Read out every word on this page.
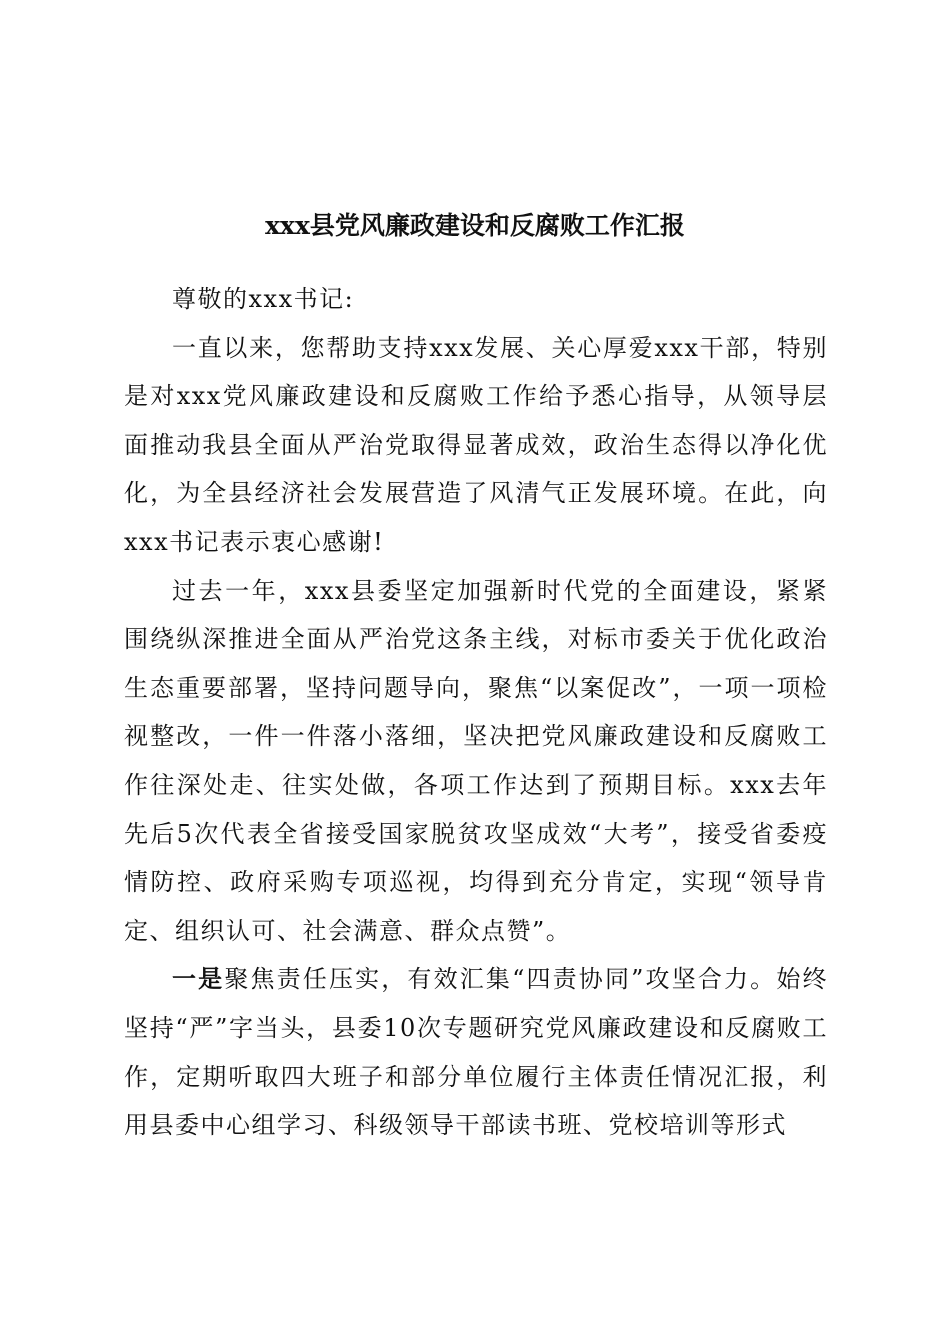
xxx县党风廉政建设和反腐败工作汇报

尊敬的xxx书记:

一直以来，您帮助支持xxx发展、关心厚爱xxx干部，特别是对xxx党风廉政建设和反腐败工作给予悉心指导，从领导层面推动我县全面从严治党取得显著成效，政治生态得以净化优化，为全县经济社会发展营造了风清气正发展环境。在此，向xxx书记表示衷心感谢!

过去一年，xxx县委坚定加强新时代党的全面建设，紧紧围绕纵深推进全面从严治党这条主线，对标市委关于优化政治生态重要部署，坚持问题导向，聚焦“以案促改”，一项一项检视整改，一件一件落小落细，坚决把党风廉政建设和反腐败工作往深处走、往实处做，各项工作达到了预期目标。xxx去年先后5次代表全省接受国家脱贫攻坚成效“大考”，接受省委疫情防控、政府采购专项巡视，均得到充分肯定，实现“领导肯定、组织认可、社会满意、群众点赞”。

一是聚焦责任压实，有效汇集“四责协同”攻坚合力。始终坚持“严”字当头，县委10次专题研究党风廉政建设和反腐败工作，定期听取四大班子和部分单位履行主体责任情况汇报，利用县委中心组学习、科级领导干部读书班、党校培训等形式
